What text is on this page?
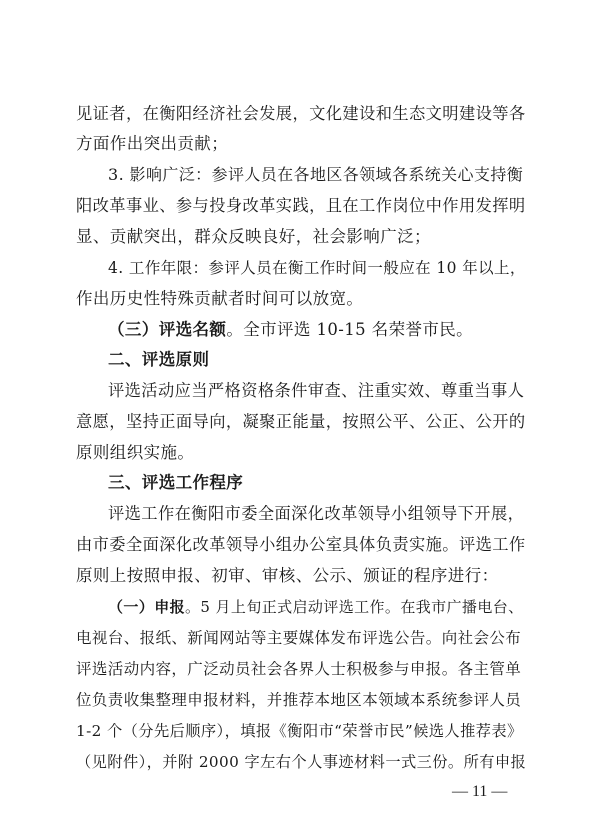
见证者，在衡阳经济社会发展，文化建设和生态文明建设等各
方面作出突出贡献；
3. 影响广泛：参评人员在各地区各领域各系统关心支持衡
阳改革事业、参与投身改革实践，且在工作岗位中作用发挥明
显、贡献突出，群众反映良好，社会影响广泛；
4. 工作年限：参评人员在衡工作时间一般应在 10 年以上，
作出历史性特殊贡献者时间可以放宽。
（三）评选名额。全市评选 10-15 名荣誉市民。
二、评选原则
评选活动应当严格资格条件审查、注重实效、尊重当事人
意愿，坚持正面导向，凝聚正能量，按照公平、公正、公开的
原则组织实施。
三、评选工作程序
评选工作在衡阳市委全面深化改革领导小组领导下开展，
由市委全面深化改革领导小组办公室具体负责实施。评选工作
原则上按照申报、初审、审核、公示、颁证的程序进行：
（一）申报。5 月上旬正式启动评选工作。在我市广播电台、
电视台、报纸、新闻网站等主要媒体发布评选公告。向社会公布
评选活动内容，广泛动员社会各界人士积极参与申报。各主管单
位负责收集整理申报材料，并推荐本地区本领域本系统参评人员
1-2 个（分先后顺序），填报《衡阳市“荣誉市民”候选人推荐表》
（见附件），并附 2000 字左右个人事迹材料一式三份。所有申报
— 11 —
